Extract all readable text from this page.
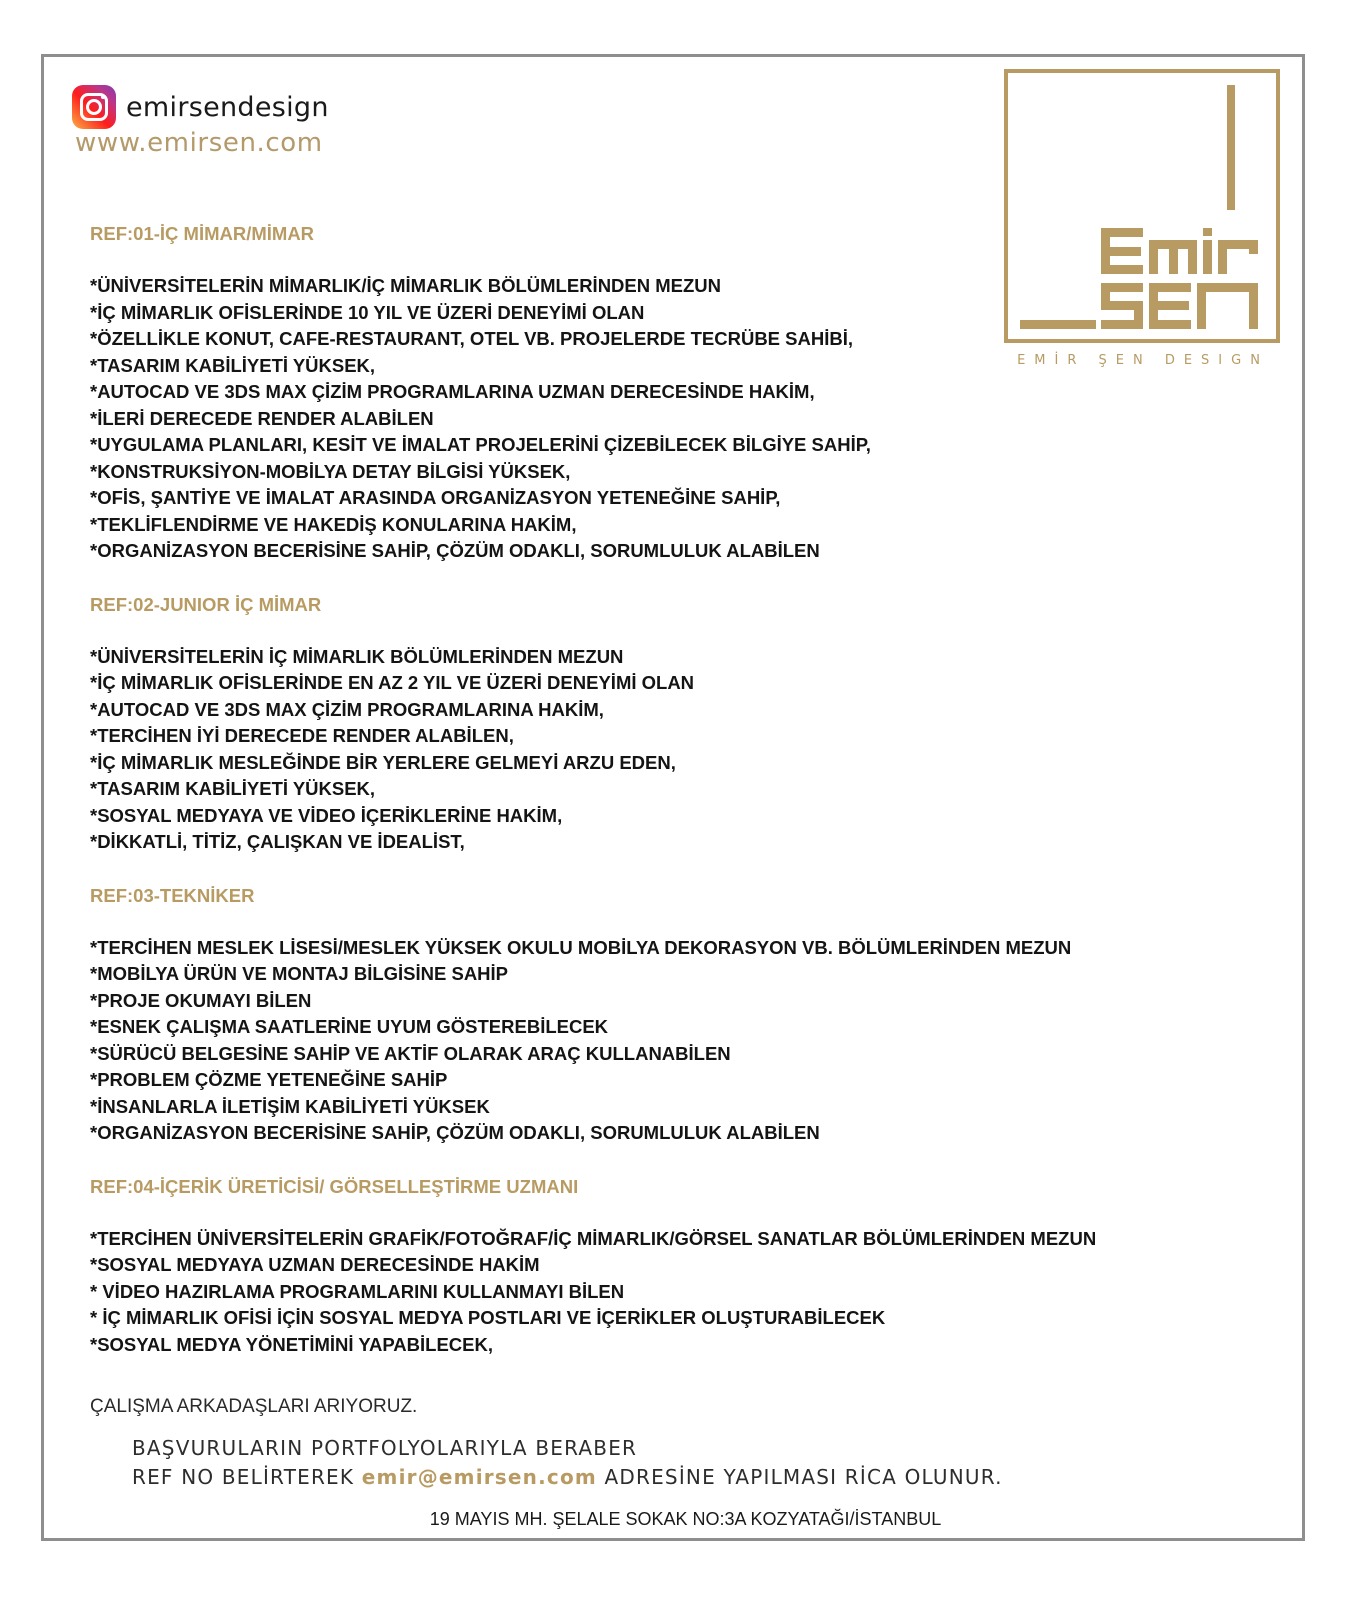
emirsendesign
www.emirsen.com
EMİR ŞEN DESIGN
REF:01-İÇ MİMAR/MİMAR

*ÜNİVERSİTELERİN MİMARLIK/İÇ MİMARLIK BÖLÜMLERİNDEN MEZUN

*İÇ MİMARLIK OFİSLERİNDE 10 YIL VE ÜZERİ DENEYİMİ OLAN

*ÖZELLİKLE KONUT, CAFE-RESTAURANT, OTEL VB. PROJELERDE TECRÜBE SAHİBİ,

*TASARIM KABİLİYETİ YÜKSEK,

*AUTOCAD VE 3DS MAX ÇİZİM PROGRAMLARINA UZMAN DERECESİNDE HAKİM,

*İLERİ DERECEDE RENDER ALABİLEN

*UYGULAMA PLANLARI, KESİT VE İMALAT PROJELERİNİ ÇİZEBİLECEK BİLGİYE SAHİP,

*KONSTRUKSİYON-MOBİLYA DETAY BİLGİSİ YÜKSEK,

*OFİS, ŞANTİYE VE İMALAT ARASINDA ORGANİZASYON YETENEĞİNE SAHİP,

*TEKLİFLENDİRME VE HAKEDİŞ KONULARINA HAKİM,

*ORGANİZASYON BECERİSİNE SAHİP, ÇÖZÜM ODAKLI, SORUMLULUK ALABİLEN

REF:02-JUNIOR İÇ MİMAR

*ÜNİVERSİTELERİN İÇ MİMARLIK BÖLÜMLERİNDEN MEZUN

*İÇ MİMARLIK OFİSLERİNDE EN AZ 2 YIL VE ÜZERİ DENEYİMİ OLAN

*AUTOCAD VE 3DS MAX ÇİZİM PROGRAMLARINA HAKİM,

*TERCİHEN İYİ DERECEDE RENDER ALABİLEN,

*İÇ MİMARLIK MESLEĞİNDE BİR YERLERE GELMEYİ ARZU EDEN,

*TASARIM KABİLİYETİ YÜKSEK,

*SOSYAL MEDYAYA VE VİDEO İÇERİKLERİNE HAKİM,

*DİKKATLİ, TİTİZ, ÇALIŞKAN VE İDEALİST,

REF:03-TEKNİKER

*TERCİHEN MESLEK LİSESİ/MESLEK YÜKSEK OKULU MOBİLYA DEKORASYON VB. BÖLÜMLERİNDEN MEZUN

*MOBİLYA ÜRÜN VE MONTAJ BİLGİSİNE SAHİP

*PROJE OKUMAYI BİLEN

*ESNEK ÇALIŞMA SAATLERİNE UYUM GÖSTEREBİLECEK

*SÜRÜCÜ BELGESİNE SAHİP VE AKTİF OLARAK ARAÇ KULLANABİLEN

*PROBLEM ÇÖZME YETENEĞİNE SAHİP

*İNSANLARLA İLETİŞİM KABİLİYETİ YÜKSEK

*ORGANİZASYON BECERİSİNE SAHİP, ÇÖZÜM ODAKLI, SORUMLULUK ALABİLEN

REF:04-İÇERİK ÜRETİCİSİ/ GÖRSELLEŞTİRME UZMANI

*TERCİHEN ÜNİVERSİTELERİN GRAFİK/FOTOĞRAF/İÇ MİMARLIK/GÖRSEL SANATLAR BÖLÜMLERİNDEN MEZUN

*SOSYAL MEDYAYA UZMAN DERECESİNDE HAKİM

* VİDEO HAZIRLAMA PROGRAMLARINI KULLANMAYI BİLEN

* İÇ MİMARLIK OFİSİ İÇİN SOSYAL MEDYA POSTLARI VE İÇERİKLER OLUŞTURABİLECEK

*SOSYAL MEDYA YÖNETİMİNİ YAPABİLECEK,

ÇALIŞMA ARKADAŞLARI ARIYORUZ.
BAŞVURULARIN PORTFOLYOLARIYLA BERABER
REF NO BELİRTEREK emir@emirsen.com ADRESİNE YAPILMASI RİCA OLUNUR.
19 MAYIS MH. ŞELALE SOKAK NO:3A KOZYATAĞI/İSTANBUL
